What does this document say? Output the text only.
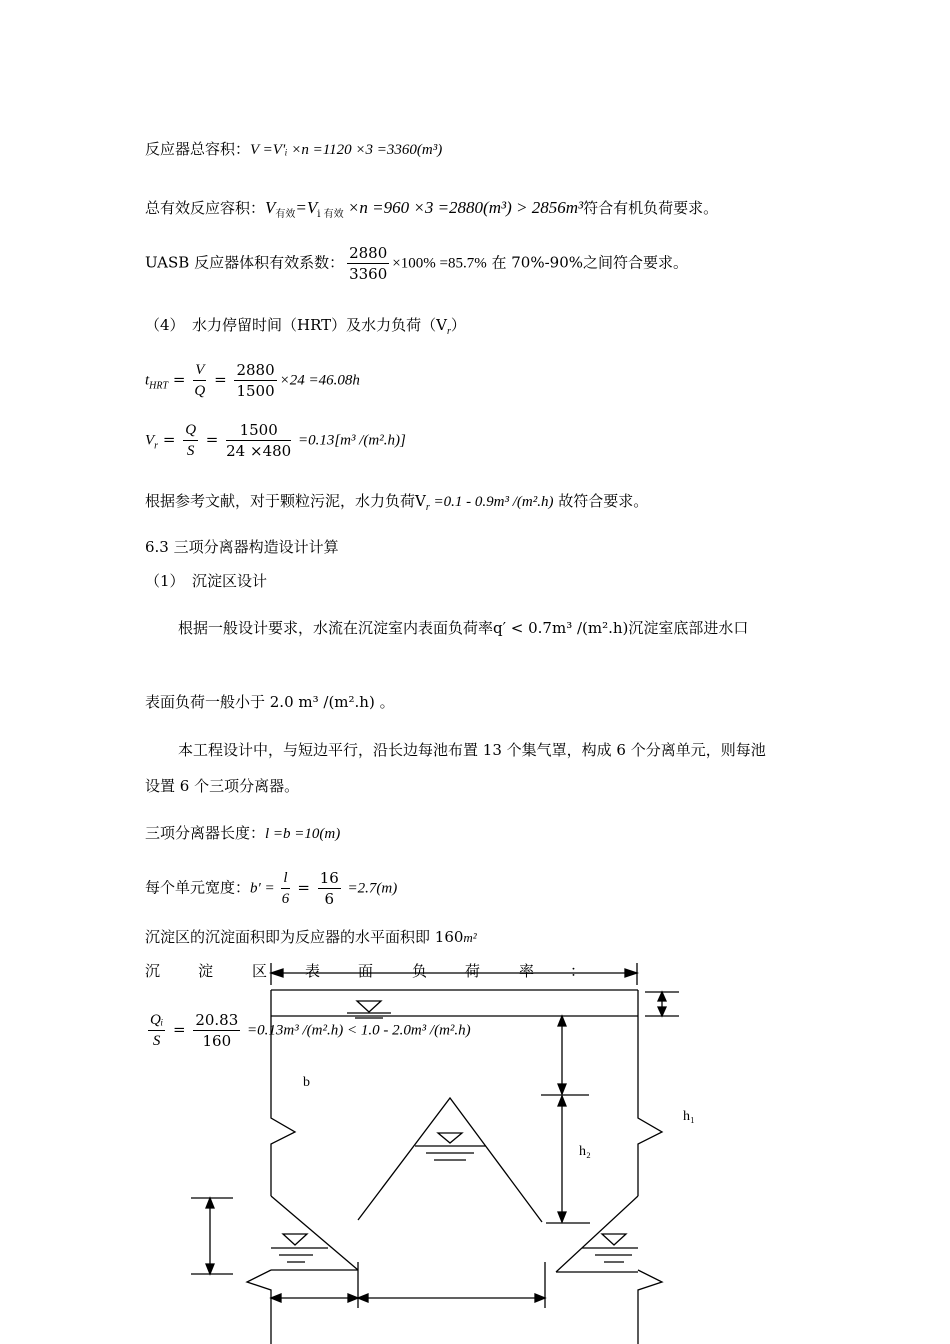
反应器总容积：V =V'ᵢ ×n =1120 ×3 =3360(m³)
总有效反应容积：$V_{有效}=V_{i 有效} \times n =960 \times 3 =2880(m^3) > 2856m^3$符合有机负荷要求。
UASB 反应器体积有效系数： $\frac{2880}{3360} \times 100\% =85.7\%$ 在 70%-90%之间符合要求。
（4）　水力停留时间（HRT）及水力负荷$(V_r)$
$t_{HRT} = \frac{V}{Q} = \frac{2880}{1500} \times 24 =46.08h$
$V_r = \frac{Q}{S} = \frac{1500}{24 \times 480} =0.13[m^3$ /(m².h)]
根据参考文献，对于颗粒污泥，水力负荷$V_r =0.1 - 0.9m^3$ /(m².h) 故符合要求。
6.3 三项分离器构造设计计算
（1）　沉淀区设计
根据一般设计要求，水流在沉淀室内表面负荷率q′ < 0.7m³ /(m².h)沉淀室底部进水口
表面负荷一般小于 2.0 m³ /(m².h) 。
本工程设计中，与短边平行，沿长边每池布置 13 个集气罩，构成 6 个分离单元，则每池
设置 6 个三项分离器。
三项分离器长度：l =b =10(m)
每个单元宽度：$b' = \frac{l}{6} = \frac{16}{6} =2.7(m)$
沉淀区的沉淀面积即为反应器的水平面积即 160m²
沉	淀	区	表	面	负	荷	率 ：
b
h₁
h₂
$\frac{\text{Qᵢ}}{S} = \frac{20.83}{160} =0.13m^3$ /(m².h) < 1.0 - 2.0m³ /(m².h)
